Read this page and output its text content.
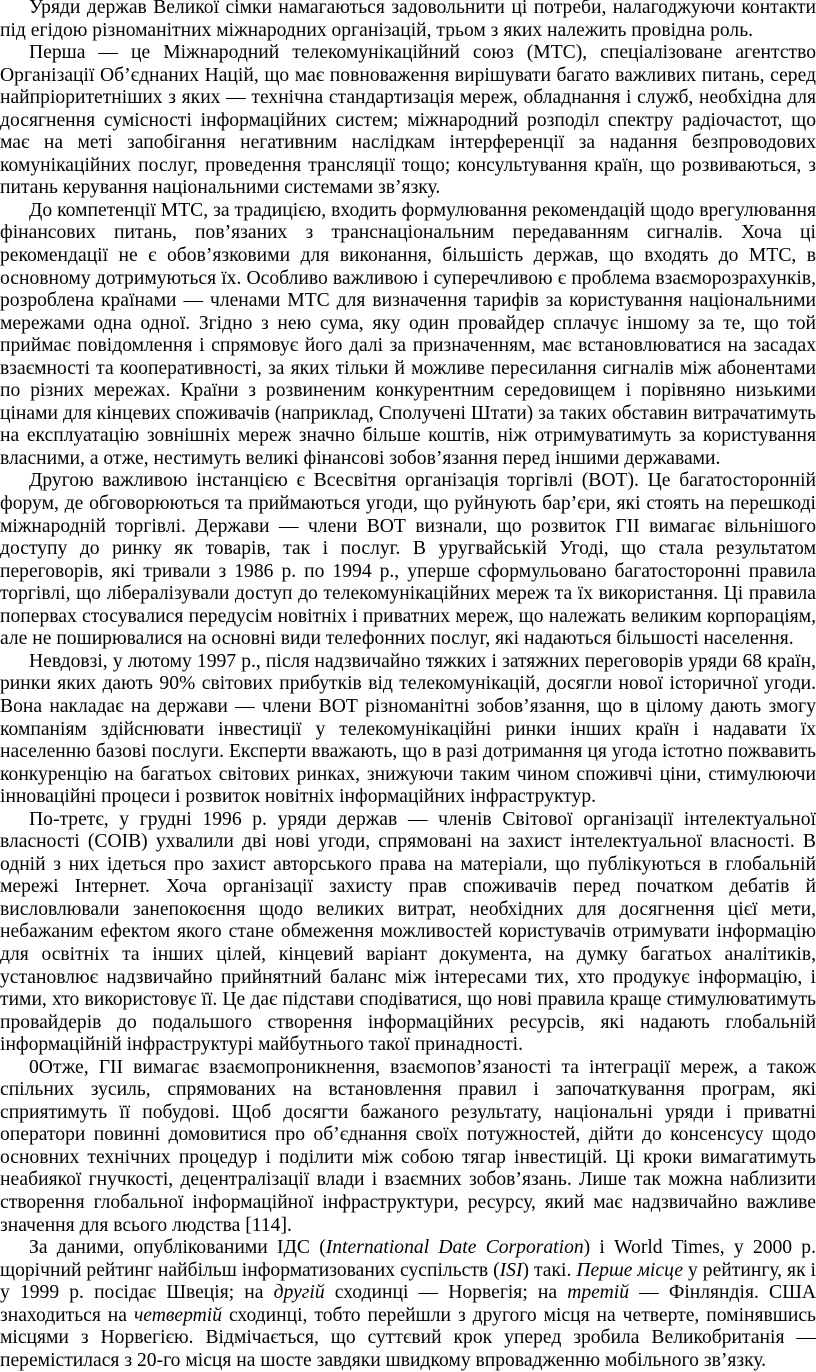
Уряди держав Великої сімки намагаються задовольнити ці потреби, налагоджуючи контакти під егідою різноманітних міжнародних організацій, трьом з яких належить провідна роль.

Перша — це Міжнародний телекомунікаційний союз (МТС), спеціалізоване агентство Організації Об’єднаних Націй, що має повноваження вирішувати багато важливих питань, серед найпріоритетніших з яких — технічна стандартизація мереж, обладнання і служб, необхідна для досягнення сумісності інформаційних систем; міжнародний розподіл спектру радіочастот, що має на меті запобігання негативним наслідкам інтерференції за надання безпроводових комунікаційних послуг, проведення трансляції тощо; консультування країн, що розвиваються, з питань керування національними системами зв’язку.

До компетенції МТС, за традицією, входить формулювання рекомендацій щодо врегулювання фінансових питань, пов’язаних з транснаціональним передаванням сигналів. Хоча ці рекомендації не є обов’язковими для виконання, більшість держав, що входять до МТС, в основному дотримуються їх. Особливо важливою і суперечливою є проблема взаєморозрахунків, розроблена країнами — членами МТС для визначення тарифів за користування національними мережами одна одної. Згідно з нею сума, яку один провайдер сплачує іншому за те, що той приймає повідомлення і спрямовує його далі за призначенням, має встановлюватися на засадах взаємності та кооперативності, за яких тільки й можливе пересилання сигналів між абонентами по різних мережах. Країни з розвиненим конкурентним середовищем і порівняно низькими цінами для кінцевих споживачів (наприклад, Сполучені Штати) за таких обставин витрачатимуть на експлуатацію зовнішніх мереж значно більше коштів, ніж отримуватимуть за користування власними, а отже, нестимуть великі фінансові зобов’язання перед іншими державами.

Другою важливою інстанцією є Всесвітня організація торгівлі (ВОТ). Це багатосторонній форум, де обговорюються та приймаються угоди, що руйнують бар’єри, які стоять на перешкоді міжнародній торгівлі. Держави — члени ВОТ визнали, що розвиток ГІІ вимагає вільнішого доступу до ринку як товарів, так і послуг. В уругвайській Угоді, що стала результатом переговорів, які тривали з 1986 р. по 1994 р., уперше сформульовано багатосторонні правила торгівлі, що лібералізували доступ до телекомунікаційних мереж та їх використання. Ці правила попервах стосувалися передусім новітніх і приватних мереж, що належать великим корпораціям, але не поширювалися на основні види телефонних послуг, які надаються більшості населення.

Невдовзі, у лютому 1997 р., після надзвичайно тяжких і затяжних переговорів уряди 68 країн, ринки яких дають 90% світових прибутків від телекомунікацій, досягли нової історичної угоди. Вона накладає на держави — члени ВОТ різноманітні зобов’язання, що в цілому дають змогу компаніям здійснювати інвестиції у телекомунікаційні ринки інших країн і надавати їх населенню базові послуги. Експерти вважають, що в разі дотримання ця угода істотно пожвавить конкуренцію на багатьох світових ринках, знижуючи таким чином споживчі ціни, стимулюючи інноваційні процеси і розвиток новітніх інформаційних інфраструктур.

По-третє, у грудні 1996 р. уряди держав — членів Світової організації інтелектуальної власності (СОІВ) ухвалили дві нові угоди, спрямовані на захист інтелектуальної власності. В одній з них ідеться про захист авторського права на матеріали, що публікуються в глобальній мережі Інтернет. Хоча організації захисту прав споживачів перед початком дебатів й висловлювали занепокоєння щодо великих витрат, необхідних для досягнення цієї мети, небажаним ефектом якого стане обмеження можливостей користувачів отримувати інформацію для освітніх та інших цілей, кінцевий варіант документа, на думку багатьох аналітиків, установлює надзвичайно прийнятний баланс між інтересами тих, хто продукує інформацію, і тими, хто використовує її. Це дає підстави сподіватися, що нові правила краще стимулюватимуть провайдерів до подальшого створення інформаційних ресурсів, які надають глобальній інформаційній інфраструктурі майбутнього такої принадності.

0Отже, ГІІ вимагає взаємопроникнення, взаємопов’язаності та інтеграції мереж, а також спільних зусиль, спрямованих на встановлення правил і започаткування програм, які сприятимуть її побудові. Щоб досягти бажаного результату, національні уряди і приватні оператори повинні домовитися про об’єднання своїх потужностей, дійти до консенсусу щодо основних технічних процедур і поділити між собою тягар інвестицій. Ці кроки вимагатимуть неабиякої гнучкості, децентралізації влади і взаємних зобов’язань. Лише так можна наблизити створення глобальної інформаційної інфраструктури, ресурсу, який має надзвичайно важливе значення для всього людства [114].

За даними, опублікованими ІДС (International Date Corporation) і World Times, у 2000 р. щорічний рейтинг найбільш інформатизованих суспільств (ISI) такі. Перше місце у рейтингу, як і у 1999 р. посідає Швеція; на другій сходинці — Норвегія; на третій — Фінляндія. США знаходиться на четвертій сходинці, тобто перейшли з другого місця на четверте, помінявшись місцями з Норвегією. Відмічається, що суттєвий крок уперед зробила Великобританія — перемістилася з 20-го місця на шосте завдяки швидкому впровадженню мобільного зв’язку.
